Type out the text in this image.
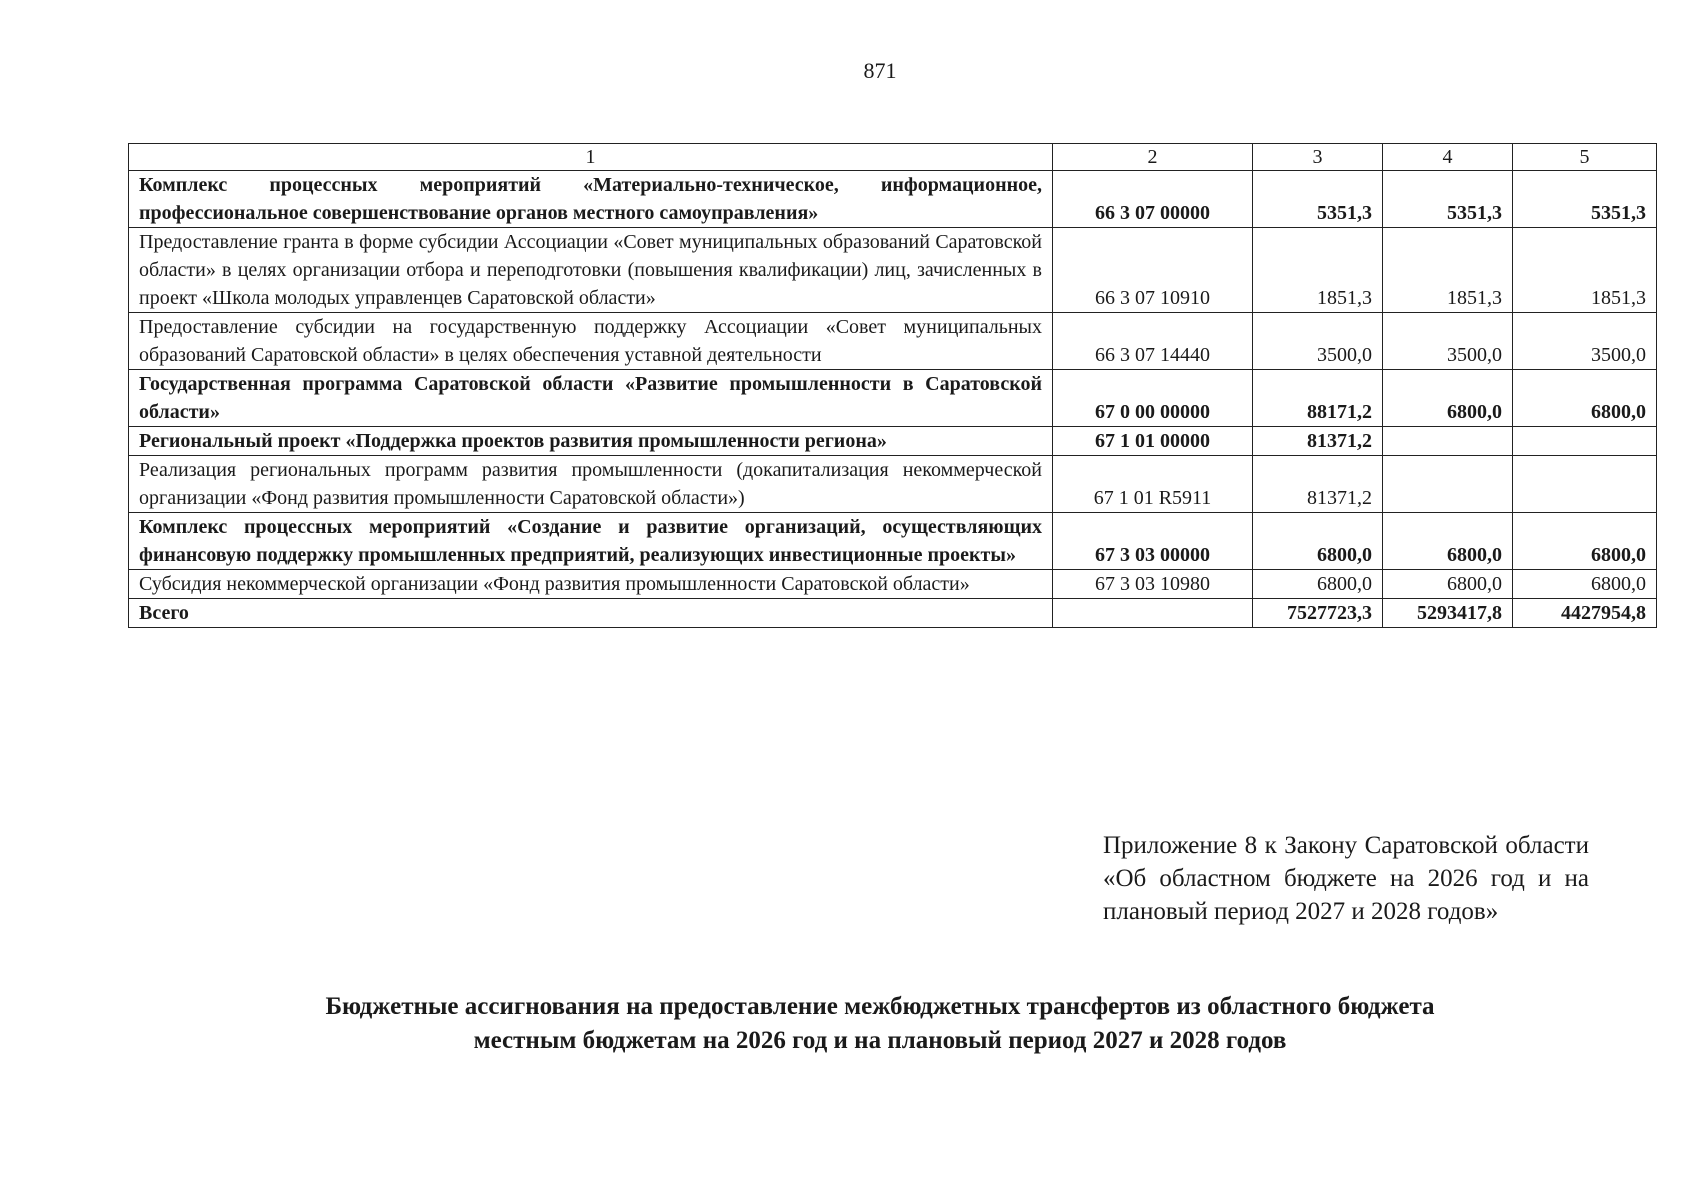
871
1	2	3	4	5
Комплекс процессных мероприятий «Материально-техническое, информационное, профессиональное совершенствование органов местного самоуправления»	66 3 07 00000	5351,3	5351,3	5351,3
Предоставление гранта в форме субсидии Ассоциации «Совет муниципальных образований Саратовской области» в целях организации отбора и переподготовки (повышения квалификации) лиц, зачисленных в проект «Школа молодых управленцев Саратовской области»	66 3 07 10910	1851,3	1851,3	1851,3
Предоставление субсидии на государственную поддержку Ассоциации «Совет муниципальных образований Саратовской области» в целях обеспечения уставной деятельности	66 3 07 14440	3500,0	3500,0	3500,0
Государственная программа Саратовской области «Развитие промышленности в Саратовской области»	67 0 00 00000	88171,2	6800,0	6800,0
Региональный проект «Поддержка проектов развития промышленности региона»	67 1 01 00000	81371,2		
Реализация региональных программ развития промышленности (докапитализация некоммерческой организации «Фонд развития промышленности Саратовской области»)	67 1 01 R5911	81371,2		
Комплекс процессных мероприятий «Создание и развитие организаций, осуществляющих финансовую поддержку промышленных предприятий, реализующих инвестиционные проекты»	67 3 03 00000	6800,0	6800,0	6800,0
Субсидия некоммерческой организации «Фонд развития промышленности Саратовской области»	67 3 03 10980	6800,0	6800,0	6800,0
Всего		7527723,3	5293417,8	4427954,8
Приложение 8 к Закону Саратовской области «Об областном бюджете на 2026 год и на плановый период 2027 и 2028 годов»
Бюджетные ассигнования на предоставление межбюджетных трансфертов из областного бюджета
местным бюджетам на 2026 год и на плановый период 2027 и 2028 годов
